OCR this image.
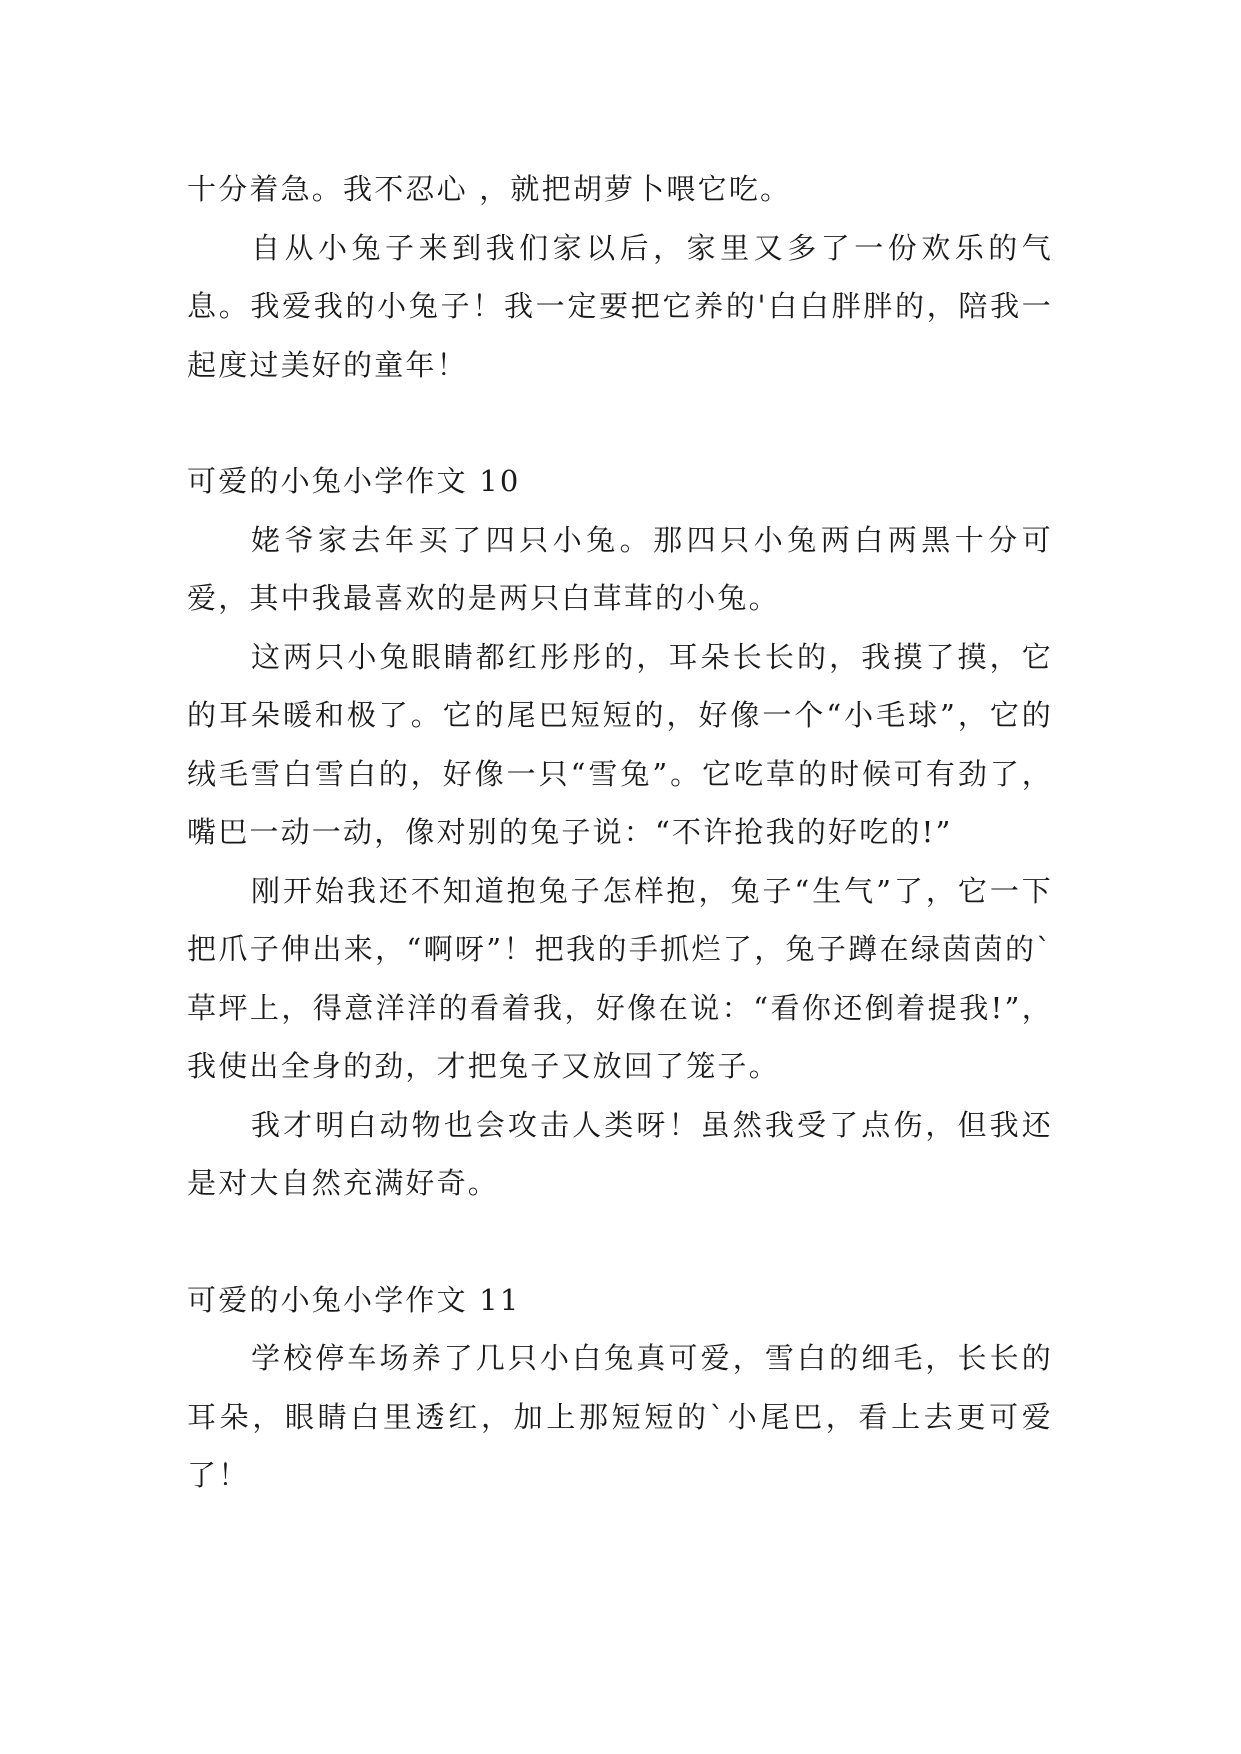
十分着急。我不忍心 ，就把胡萝卜喂它吃。

自从小兔子来到我们家以后，家里又多了一份欢乐的气息。我爱我的小兔子！我一定要把它养的'白白胖胖的，陪我一起度过美好的童年！

可爱的小兔小学作文 10

姥爷家去年买了四只小兔。那四只小兔两白两黑十分可爱，其中我最喜欢的是两只白茸茸的小兔。

这两只小兔眼睛都红彤彤的，耳朵长长的，我摸了摸，它的耳朵暖和极了。它的尾巴短短的，好像一个“小毛球”，它的绒毛雪白雪白的，好像一只“雪兔”。它吃草的时候可有劲了，嘴巴一动一动，像对别的兔子说：“不许抢我的好吃的!”

刚开始我还不知道抱兔子怎样抱，兔子“生气”了，它一下把爪子伸出来，“啊呀”！把我的手抓烂了，兔子蹲在绿茵茵的`草坪上，得意洋洋的看着我，好像在说：“看你还倒着提我!”，我使出全身的劲，才把兔子又放回了笼子。

我才明白动物也会攻击人类呀！虽然我受了点伤，但我还是对大自然充满好奇。

可爱的小兔小学作文 11

学校停车场养了几只小白兔真可爱，雪白的细毛，长长的耳朵，眼睛白里透红，加上那短短的`小尾巴，看上去更可爱了！
